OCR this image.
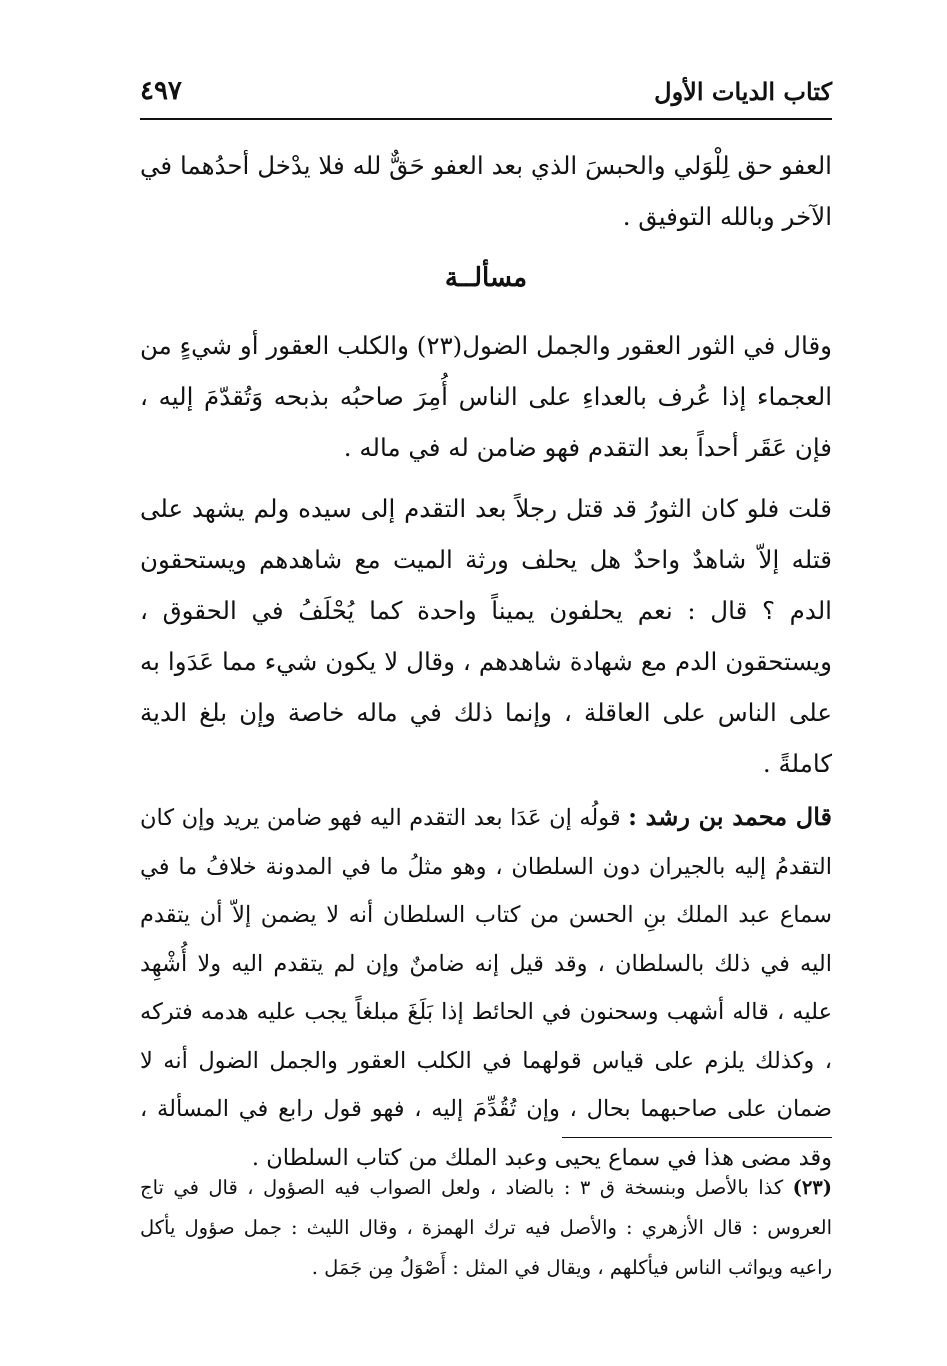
كتاب الديات الأول
٤٩٧

العفو حق لِلْوَلي والحبسَ الذي بعد العفو حَقٌّ لله فلا يدْخل أحدُهما في الآخر وبالله التوفيق .

مسألــة

وقال في الثور العقور والجمل الضول(٢٣) والكلب العقور أو شيءٍ من العجماء إذا عُرف بالعداءِ على الناس أُمِرَ صاحبُه بذبحه وَتُقدّمَ إليه ، فإن عَقَر أحداً بعد التقدم فهو ضامن له في ماله .

قلت فلو كان الثورُ قد قتل رجلاً بعد التقدم إلى سيده ولم يشهد على قتله إلاّ شاهدٌ واحدٌ هل يحلف ورثة الميت مع شاهدهم ويستحقون الدم ؟ قال : نعم يحلفون يميناً واحدة كما يُحْلَفُ في الحقوق ، ويستحقون الدم مع شهادة شاهدهم ، وقال لا يكون شيء مما عَدَوا به على الناس على العاقلة ، وإنما ذلك في ماله خاصة وإن بلغ الدية كاملةً .

قال محمد بن رشد : قولُه إن عَدَا بعد التقدم اليه فهو ضامن يريد وإن كان التقدمُ إليه بالجيران دون السلطان ، وهو مثلُ ما في المدونة خلافُ ما في سماع عبد الملك بنِ الحسن من كتاب السلطان أنه لا يضمن إلاّ أن يتقدم اليه في ذلك بالسلطان ، وقد قيل إنه ضامنٌ وإن لم يتقدم اليه ولا أُشْهِد عليه ، قاله أشهب وسحنون في الحائط إذا بَلَغَ مبلغاً يجب عليه هدمه فتركه ، وكذلك يلزم على قياس قولهما في الكلب العقور والجمل الضول أنه لا ضمان على صاحبهما بحال ، وإن تُقُدِّمَ إليه ، فهو قول رابع في المسألة ، وقد مضى هذا في سماع يحيى وعبد الملك من كتاب السلطان .

(٢٣) كذا بالأصل وبنسخة ق ٣ : بالضاد ، ولعل الصواب فيه الصؤول ، قال في تاج العروس : قال الأزهري : والأصل فيه ترك الهمزة ، وقال الليث : جمل صؤول يأكل راعيه ويواثب الناس فيأكلهم ، ويقال في المثل : أَصْوَلُ مِن جَمَل .
